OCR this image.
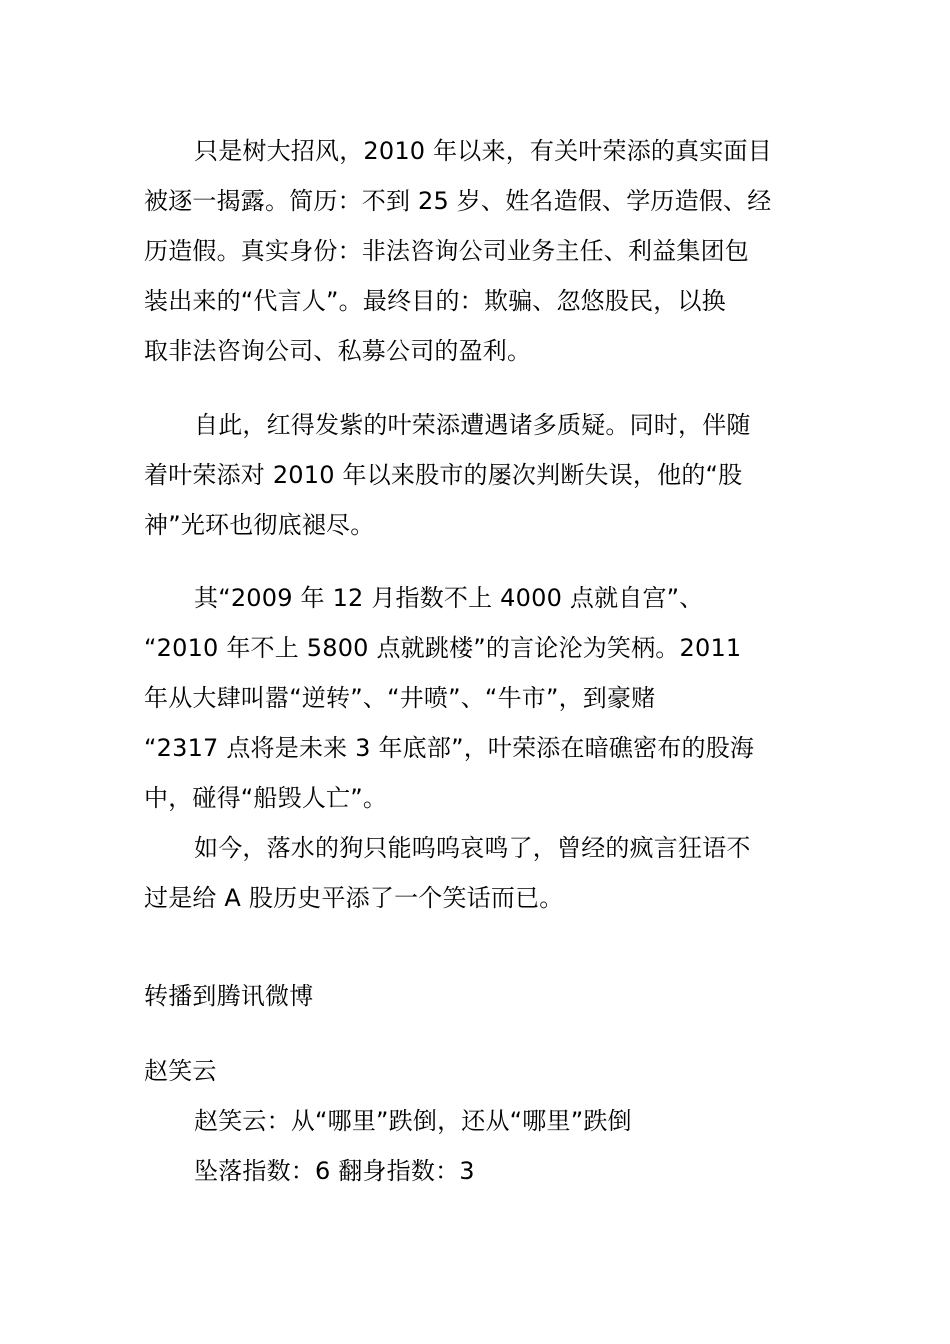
只是树大招风，2010 年以来，有关叶荣添的真实面目
被逐一揭露。简历：不到 25 岁、姓名造假、学历造假、经
历造假。真实身份：非法咨询公司业务主任、利益集团包
装出来的“代言人”。最终目的：欺骗、忽悠股民，以换
取非法咨询公司、私募公司的盈利。
自此，红得发紫的叶荣添遭遇诸多质疑。同时，伴随
着叶荣添对 2010 年以来股市的屡次判断失误，他的“股
神”光环也彻底褪尽。
其“2009 年 12 月指数不上 4000 点就自宫”、
“2010 年不上 5800 点就跳楼”的言论沦为笑柄。2011
年从大肆叫嚣“逆转”、“井喷”、“牛市”，到豪赌
“2317 点将是未来 3 年底部”，叶荣添在暗礁密布的股海
中，碰得“船毁人亡”。
如今，落水的狗只能呜呜哀鸣了，曾经的疯言狂语不
过是给 A 股历史平添了一个笑话而已。
转播到腾讯微博
赵笑云
赵笑云：从“哪里”跌倒，还从“哪里”跌倒
坠落指数：6 翻身指数：3
